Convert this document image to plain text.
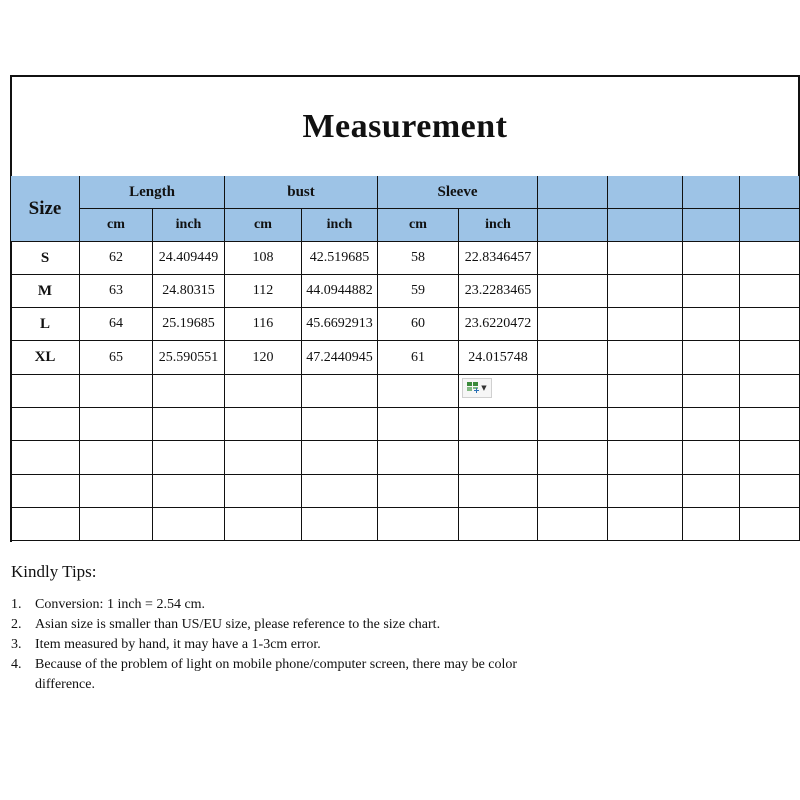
Measurement
Size
Length
cm	inch
bust
cm	inch
Sleeve
cm	inch
S	62	24.409449	108	42.519685	58	22.8346457
M	63	24.80315	112	44.0944882	59	23.2283465
L	64	25.19685	116	45.6692913	60	23.6220472
XL	65	25.590551	120	47.2440945	61	24.015748
▼
Kindly Tips:
1. Conversion: 1 inch = 2.54 cm.
2. Asian size is smaller than US/EU size, please reference to the size chart.
3. Item measured by hand, it may have a 1-3cm error.
4. Because of the problem of light on mobile phone/computer screen, there may be color difference.
